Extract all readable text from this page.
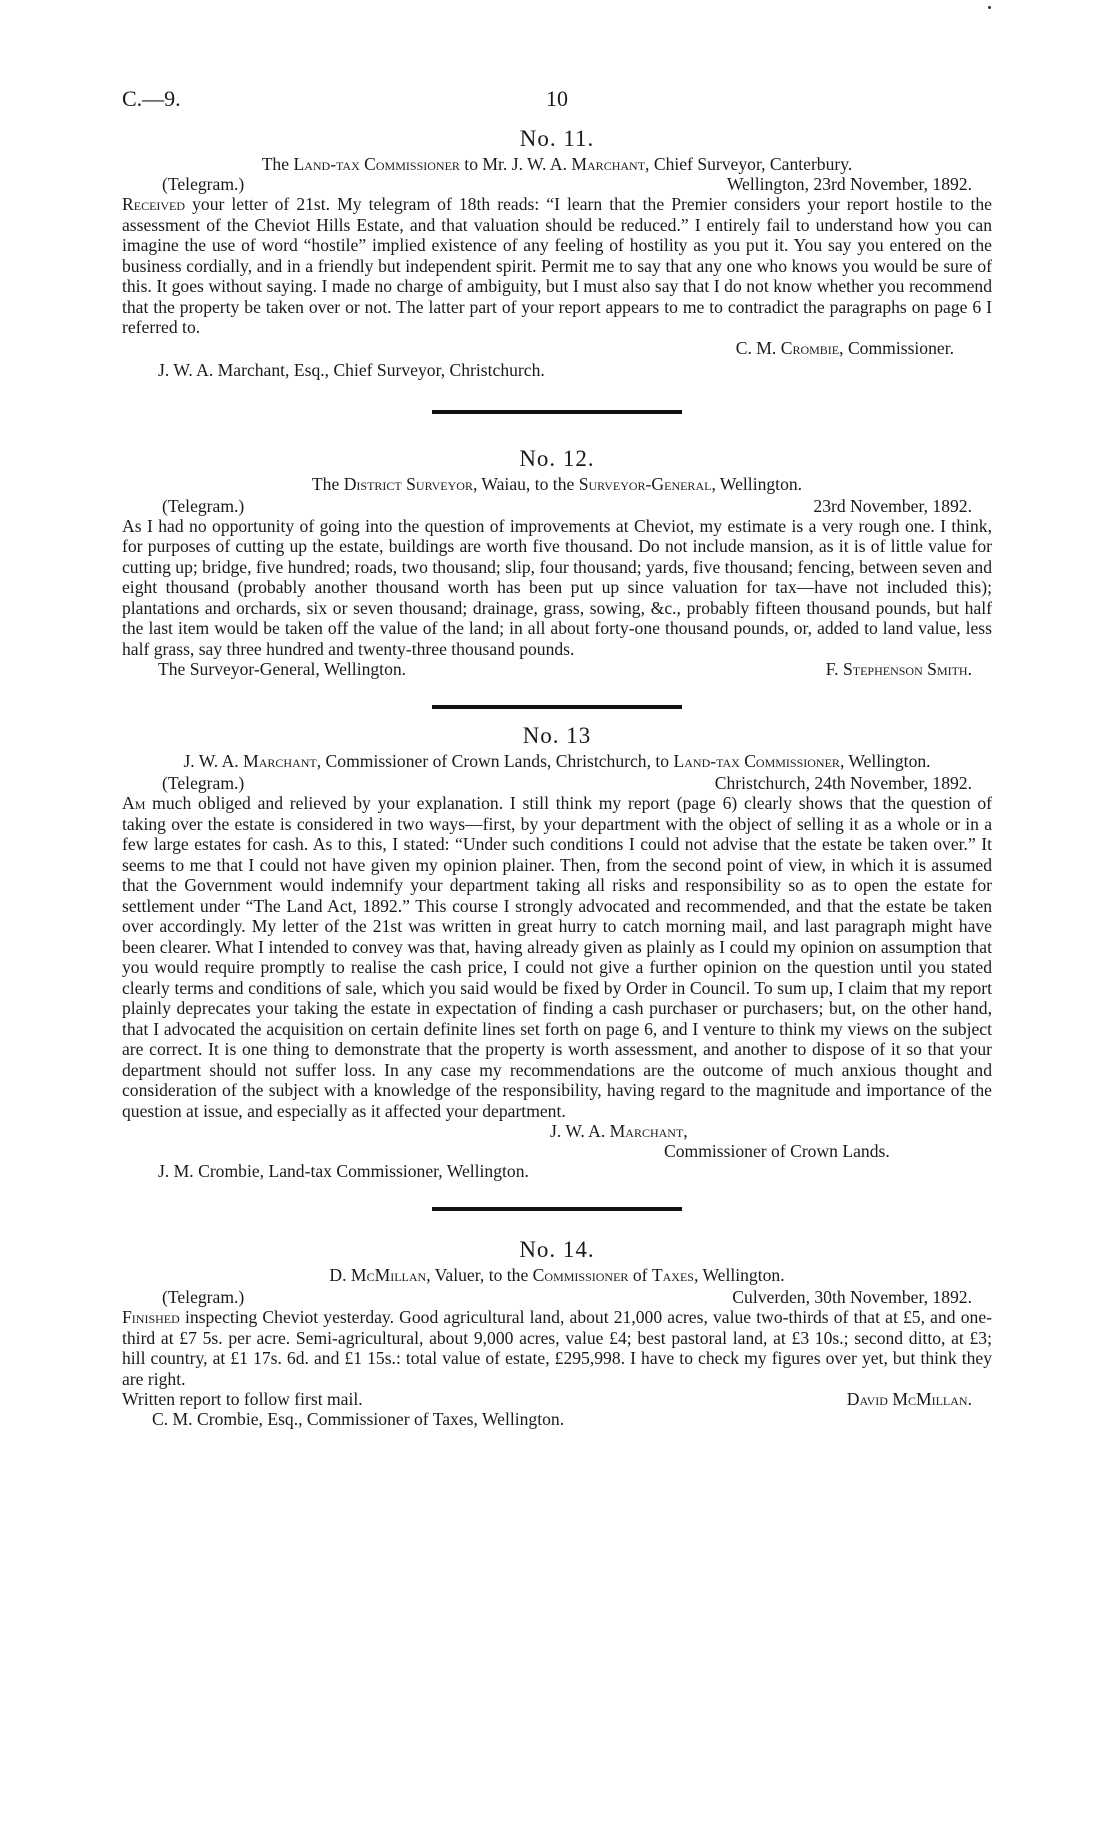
C.—9.	10

No. 11.

The Land-tax Commissioner to Mr. J. W. A. Marchant, Chief Surveyor, Canterbury.

(Telegram.)	Wellington, 23rd November, 1892.

Received your letter of 21st. My telegram of 18th reads: “I learn that the Premier considers your report hostile to the assessment of the Cheviot Hills Estate, and that valuation should be reduced.” I entirely fail to understand how you can imagine the use of word “hostile” implied existence of any feeling of hostility as you put it. You say you entered on the business cordially, and in a friendly but independent spirit. Permit me to say that any one who knows you would be sure of this. It goes without saying. I made no charge of ambiguity, but I must also say that I do not know whether you recommend that the property be taken over or not. The latter part of your report appears to me to contradict the paragraphs on page 6 I referred to.

C. M. Crombie, Commissioner.

J. W. A. Marchant, Esq., Chief Surveyor, Christchurch.

No. 12.

The District Surveyor, Waiau, to the Surveyor-General, Wellington.

(Telegram.)	23rd November, 1892.

As I had no opportunity of going into the question of improvements at Cheviot, my estimate is a very rough one. I think, for purposes of cutting up the estate, buildings are worth five thousand. Do not include mansion, as it is of little value for cutting up; bridge, five hundred; roads, two thousand; slip, four thousand; yards, five thousand; fencing, between seven and eight thousand (probably another thousand worth has been put up since valuation for tax—have not included this); plantations and orchards, six or seven thousand; drainage, grass, sowing, &c., probably fifteen thousand pounds, but half the last item would be taken off the value of the land; in all about forty-one thousand pounds, or, added to land value, less half grass, say three hundred and twenty-three thousand pounds.

The Surveyor-General, Wellington.	F. Stephenson Smith.

No. 13

J. W. A. Marchant, Commissioner of Crown Lands, Christchurch, to Land-tax Commissioner, Wellington.

(Telegram.)	Christchurch, 24th November, 1892.

Am much obliged and relieved by your explanation. I still think my report (page 6) clearly shows that the question of taking over the estate is considered in two ways—first, by your department with the object of selling it as a whole or in a few large estates for cash. As to this, I stated: “Under such conditions I could not advise that the estate be taken over.” It seems to me that I could not have given my opinion plainer. Then, from the second point of view, in which it is assumed that the Government would indemnify your department taking all risks and responsibility so as to open the estate for settlement under “The Land Act, 1892.” This course I strongly advocated and recommended, and that the estate be taken over accordingly. My letter of the 21st was written in great hurry to catch morning mail, and last paragraph might have been clearer. What I intended to convey was that, having already given as plainly as I could my opinion on assumption that you would require promptly to realise the cash price, I could not give a further opinion on the question until you stated clearly terms and conditions of sale, which you said would be fixed by Order in Council. To sum up, I claim that my report plainly deprecates your taking the estate in expectation of finding a cash purchaser or purchasers; but, on the other hand, that I advocated the acquisition on certain definite lines set forth on page 6, and I venture to think my views on the subject are correct. It is one thing to demonstrate that the property is worth assessment, and another to dispose of it so that your department should not suffer loss. In any case my recommendations are the outcome of much anxious thought and consideration of the subject with a knowledge of the responsibility, having regard to the magnitude and importance of the question at issue, and especially as it affected your department.

J. W. A. Marchant,

Commissioner of Crown Lands.

J. M. Crombie, Land-tax Commissioner, Wellington.

No. 14.

D. McMillan, Valuer, to the Commissioner of Taxes, Wellington.

(Telegram.)	Culverden, 30th November, 1892.

Finished inspecting Cheviot yesterday. Good agricultural land, about 21,000 acres, value two-thirds of that at £5, and one-third at £7 5s. per acre. Semi-agricultural, about 9,000 acres, value £4; best pastoral land, at £3 10s.; second ditto, at £3; hill country, at £1 17s. 6d. and £1 15s.: total value of estate, £295,998. I have to check my figures over yet, but think they are right.

Written report to follow first mail.	David McMillan.

C. M. Crombie, Esq., Commissioner of Taxes, Wellington.
